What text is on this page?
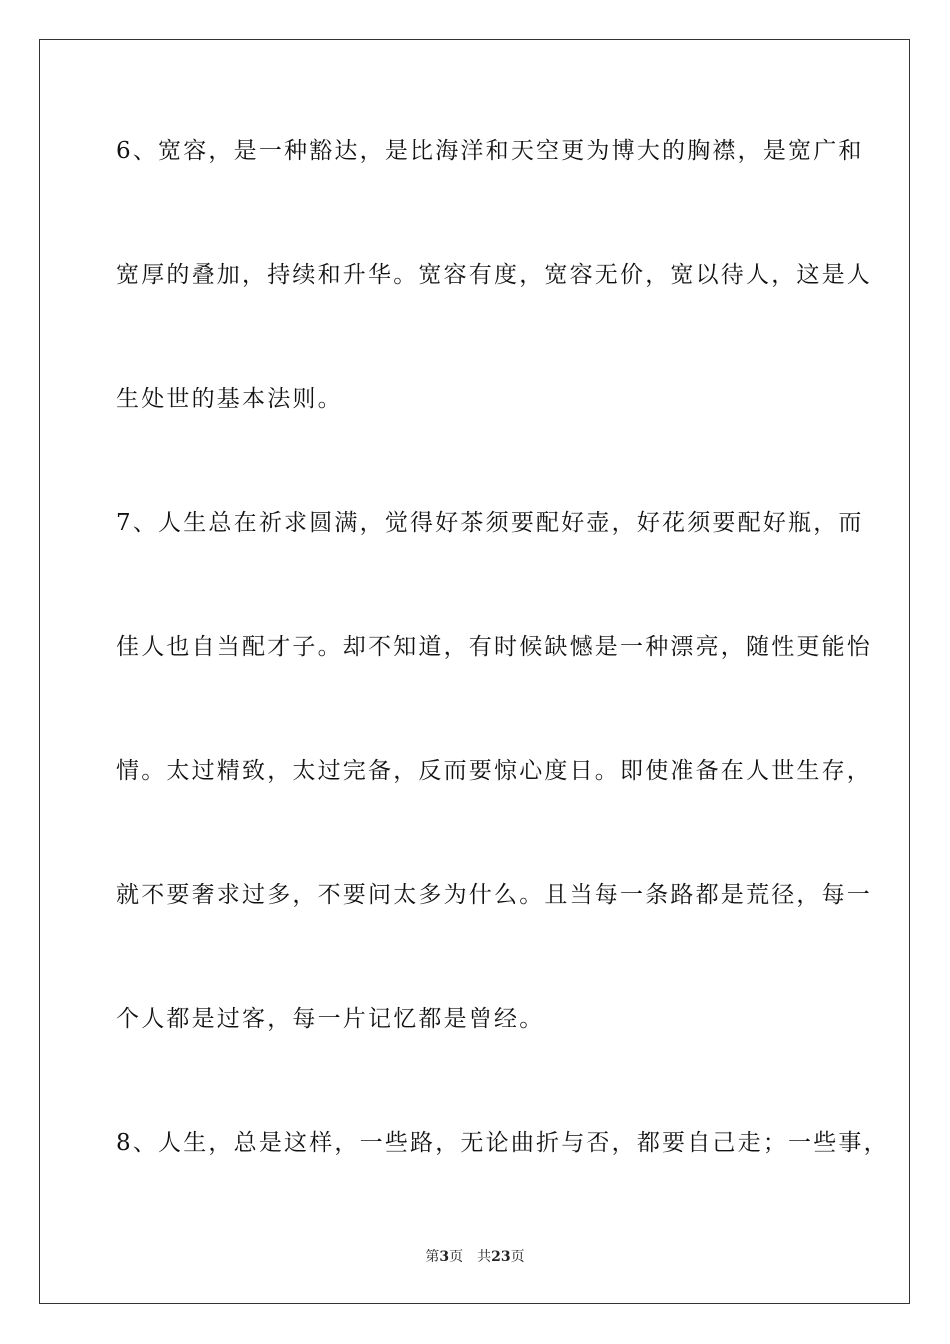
6、宽容，是一种豁达，是比海洋和天空更为博大的胸襟，是宽广和
宽厚的叠加，持续和升华。宽容有度，宽容无价，宽以待人，这是人
生处世的基本法则。
7、人生总在祈求圆满，觉得好茶须要配好壶，好花须要配好瓶，而
佳人也自当配才子。却不知道，有时候缺憾是一种漂亮，随性更能怡
情。太过精致，太过完备，反而要惊心度日。即使准备在人世生存，
就不要奢求过多，不要问太多为什么。且当每一条路都是荒径，每一
个人都是过客，每一片记忆都是曾经。
8、人生，总是这样，一些路，无论曲折与否，都要自己走；一些事，
第3页 共23页
